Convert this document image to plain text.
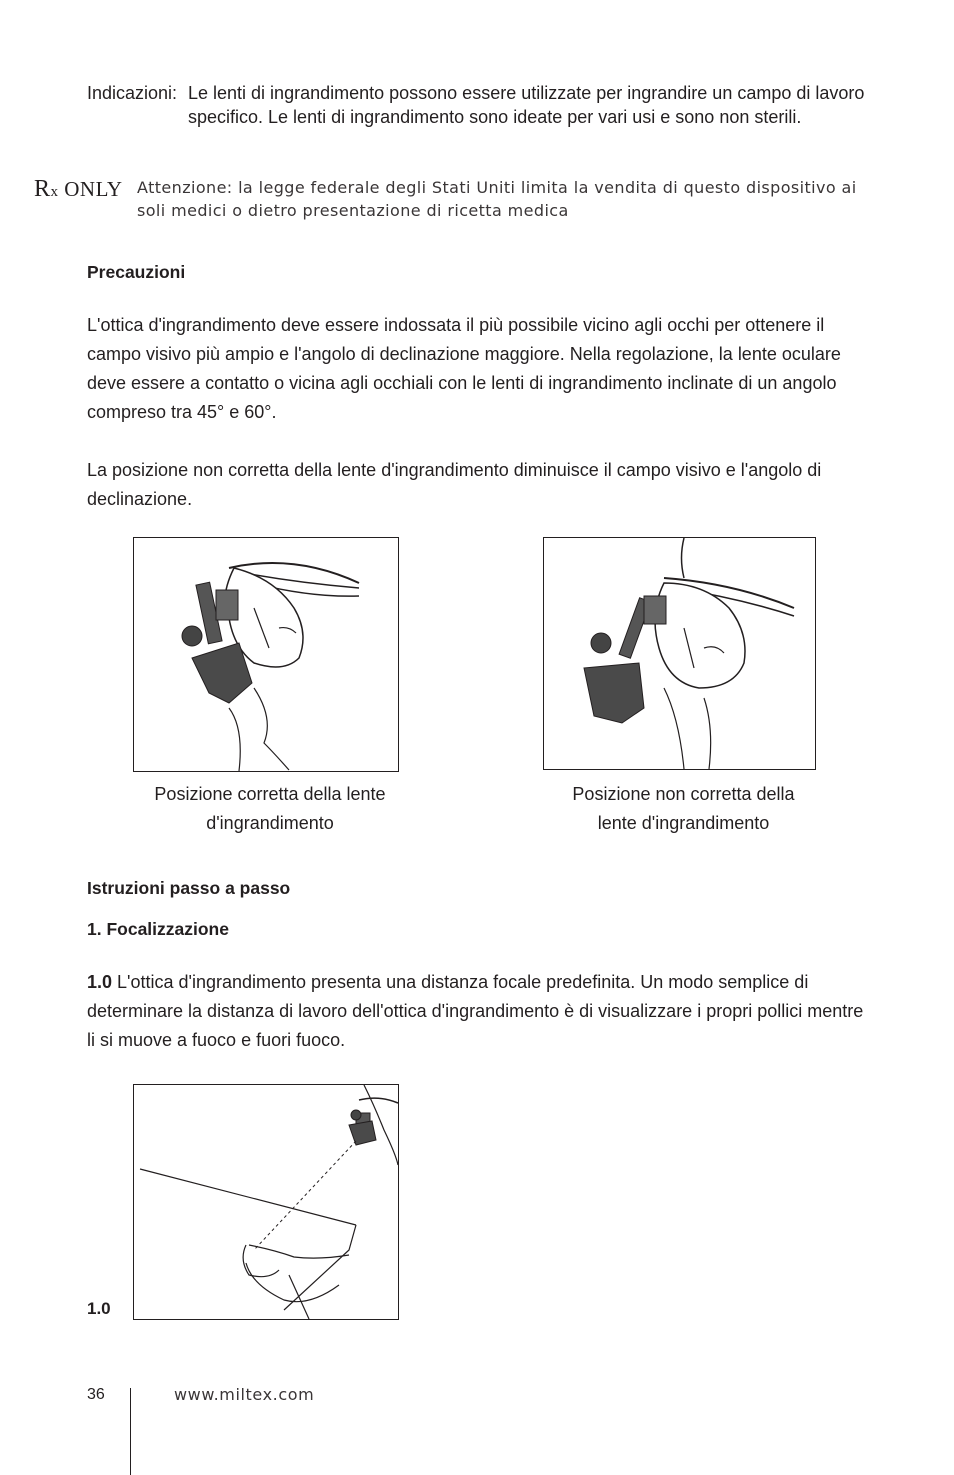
Indicazioni: Le lenti di ingrandimento possono essere utilizzate per ingrandire un campo di lavoro specifico. Le lenti di ingrandimento sono ideate per vari usi e sono non sterili.
Rx ONLY Attenzione: la legge federale degli Stati Uniti limita la vendita di questo dispositivo ai soli medici o dietro presentazione di ricetta medica
Precauzioni
L'ottica d'ingrandimento deve essere indossata il più possibile vicino agli occhi per ottenere il campo visivo più ampio e l'angolo di declinazione maggiore. Nella regolazione, la lente oculare deve essere a contatto o vicina agli occhiali con le lenti di ingrandimento inclinate di un angolo compreso tra 45° e 60°.
La posizione non corretta della lente d'ingrandimento diminuisce il campo visivo e l'angolo di declinazione.
Posizione corretta della lente
d'ingrandimento
Posizione non corretta della
lente d'ingrandimento
Istruzioni passo a passo
1. Focalizzazione
1.0 L'ottica d'ingrandimento presenta una distanza focale predefinita. Un modo semplice di determinare la distanza di lavoro dell'ottica d'ingrandimento è di visualizzare i propri pollici mentre li si muove a fuoco e fuori fuoco.
1.0
36	www.miltex.com
